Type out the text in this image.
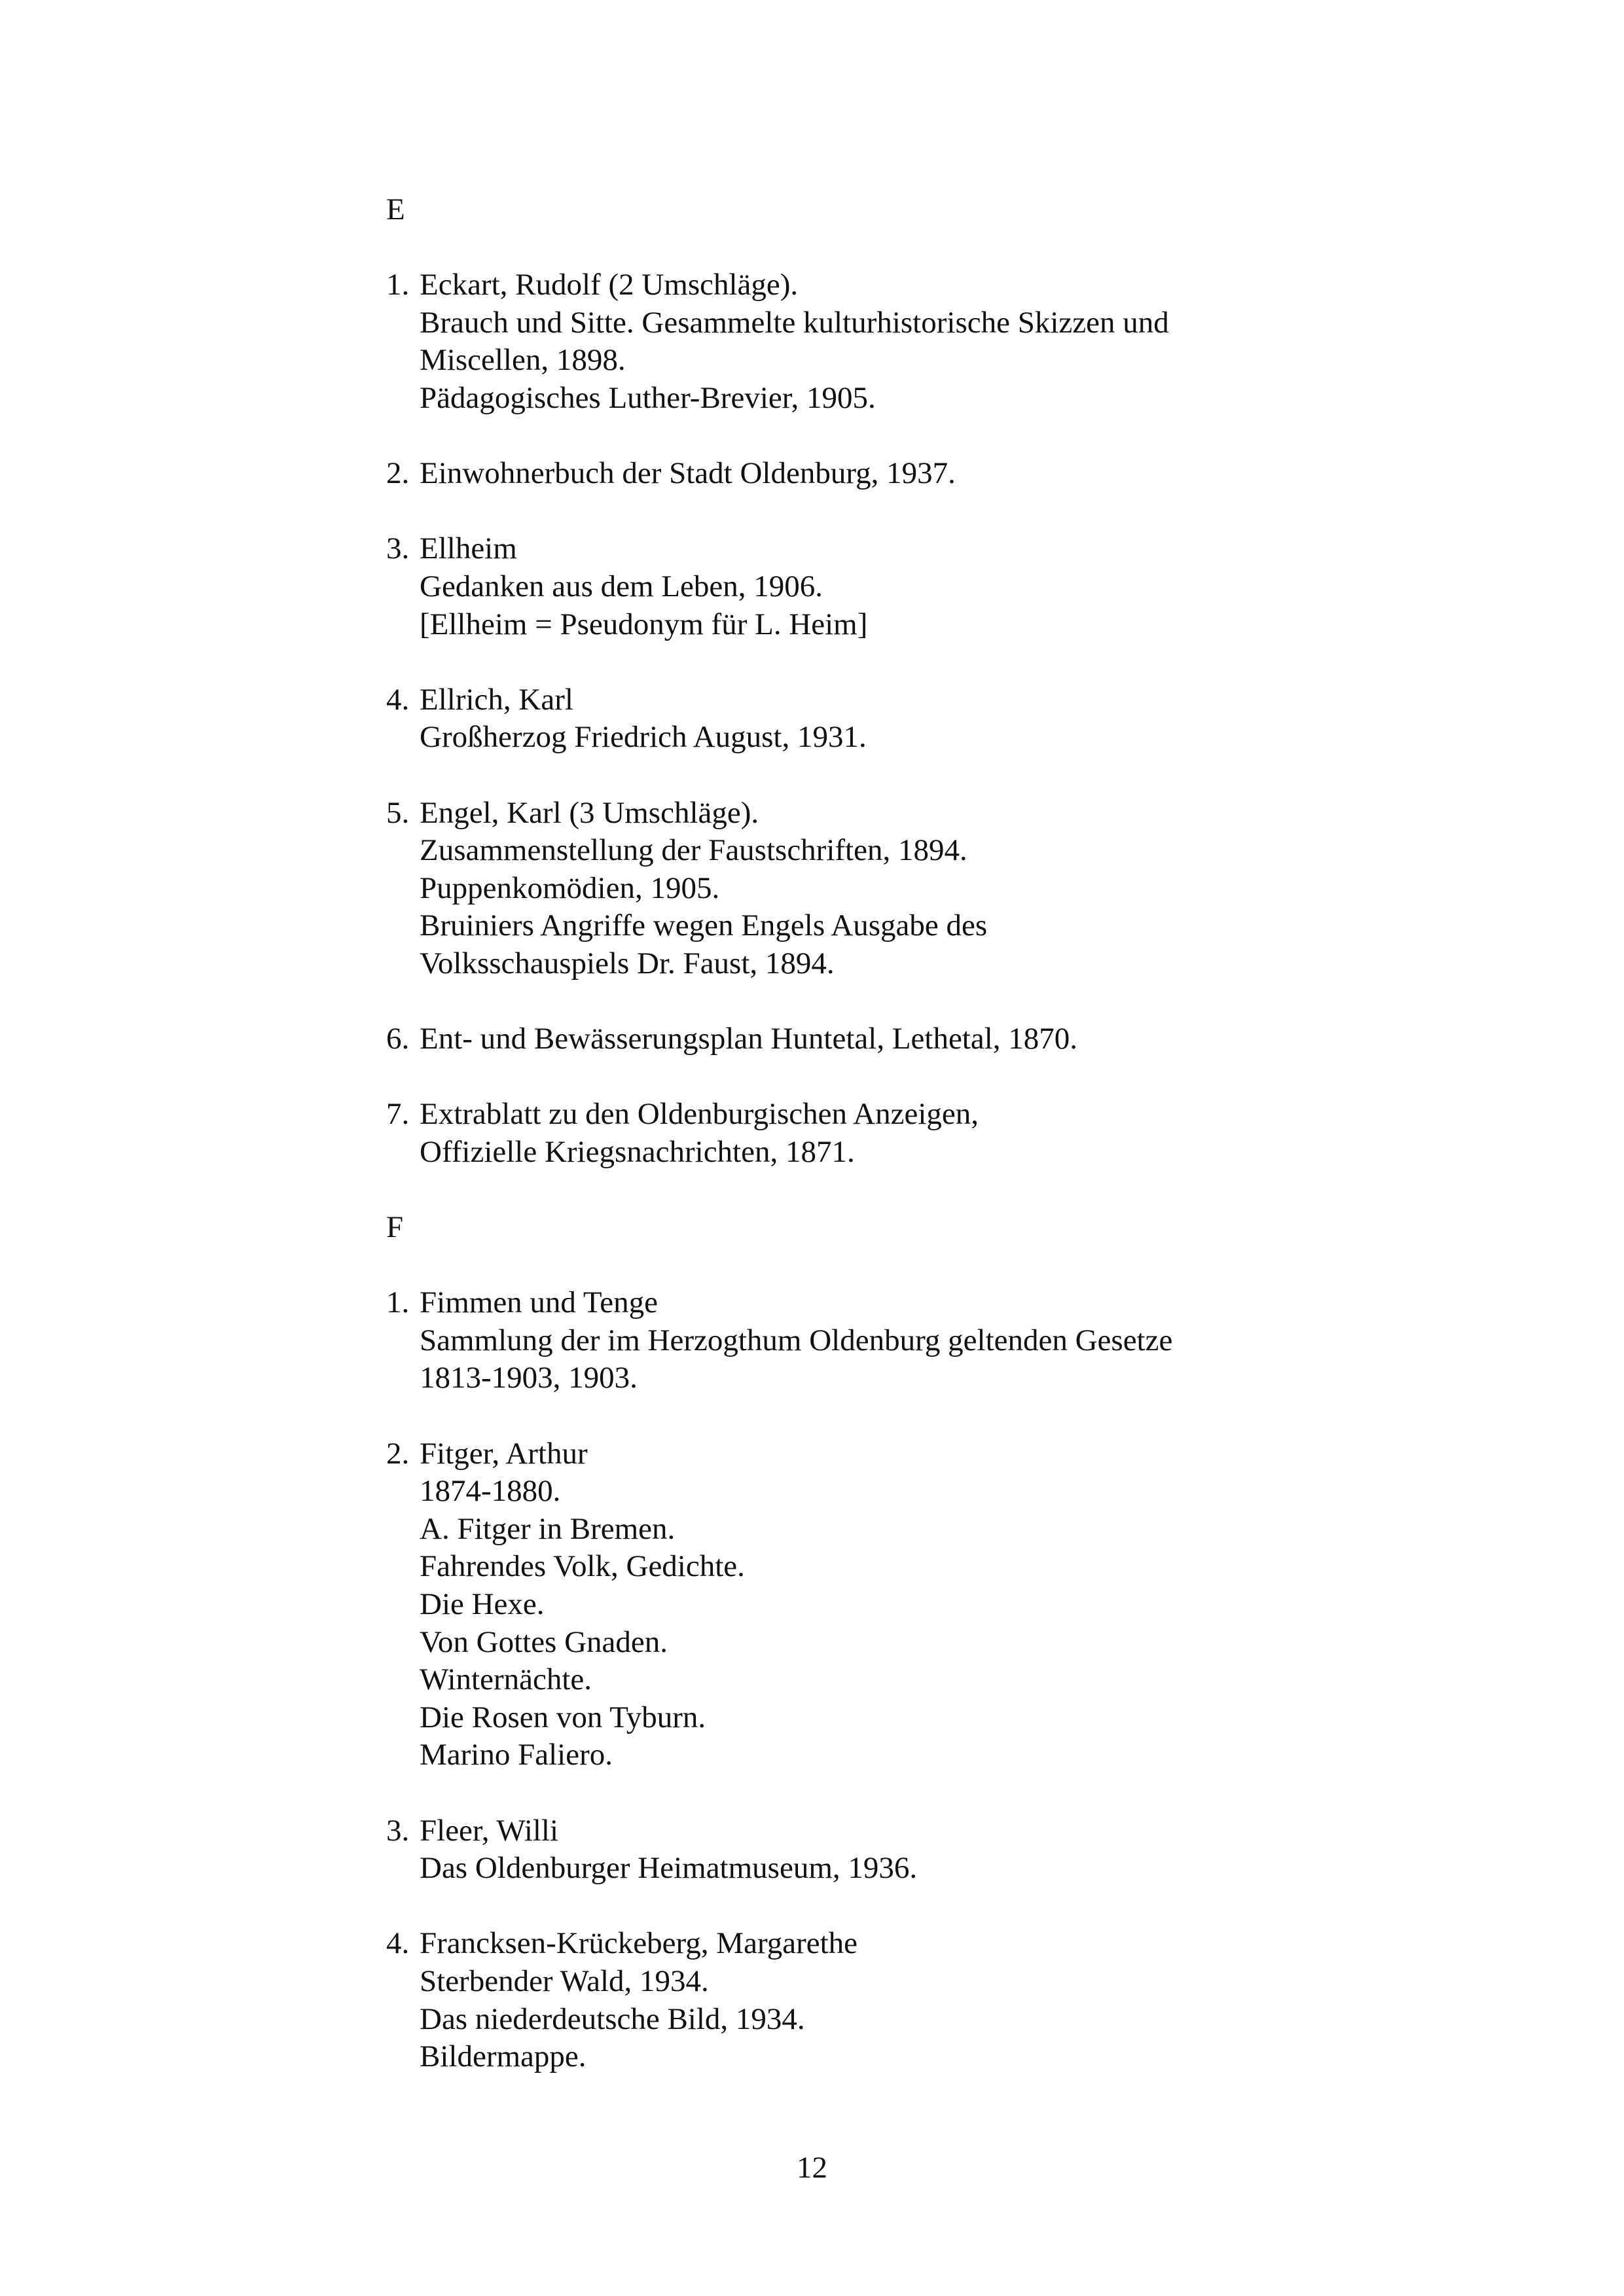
E
1. Eckart, Rudolf (2 Umschläge).
Brauch und Sitte. Gesammelte kulturhistorische Skizzen und
Miscellen, 1898.
Pädagogisches Luther-Brevier, 1905.
2. Einwohnerbuch der Stadt Oldenburg, 1937.
3. Ellheim
Gedanken aus dem Leben, 1906.
[Ellheim = Pseudonym für L. Heim]
4. Ellrich, Karl
Großherzog Friedrich August, 1931.
5. Engel, Karl (3 Umschläge).
Zusammenstellung der Faustschriften, 1894.
Puppenkomödien, 1905.
Bruiniers Angriffe wegen Engels Ausgabe des
Volksschauspiels Dr. Faust, 1894.
6. Ent- und Bewässerungsplan Huntetal, Lethetal, 1870.
7. Extrablatt zu den Oldenburgischen Anzeigen,
Offizielle Kriegsnachrichten, 1871.
F
1. Fimmen und Tenge
Sammlung der im Herzogthum Oldenburg geltenden Gesetze
1813-1903, 1903.
2. Fitger, Arthur
1874-1880.
A. Fitger in Bremen.
Fahrendes Volk, Gedichte.
Die Hexe.
Von Gottes Gnaden.
Winternächte.
Die Rosen von Tyburn.
Marino Faliero.
3. Fleer, Willi
Das Oldenburger Heimatmuseum, 1936.
4. Francksen-Krückeberg, Margarethe
Sterbender Wald, 1934.
Das niederdeutsche Bild, 1934.
Bildermappe.
12
